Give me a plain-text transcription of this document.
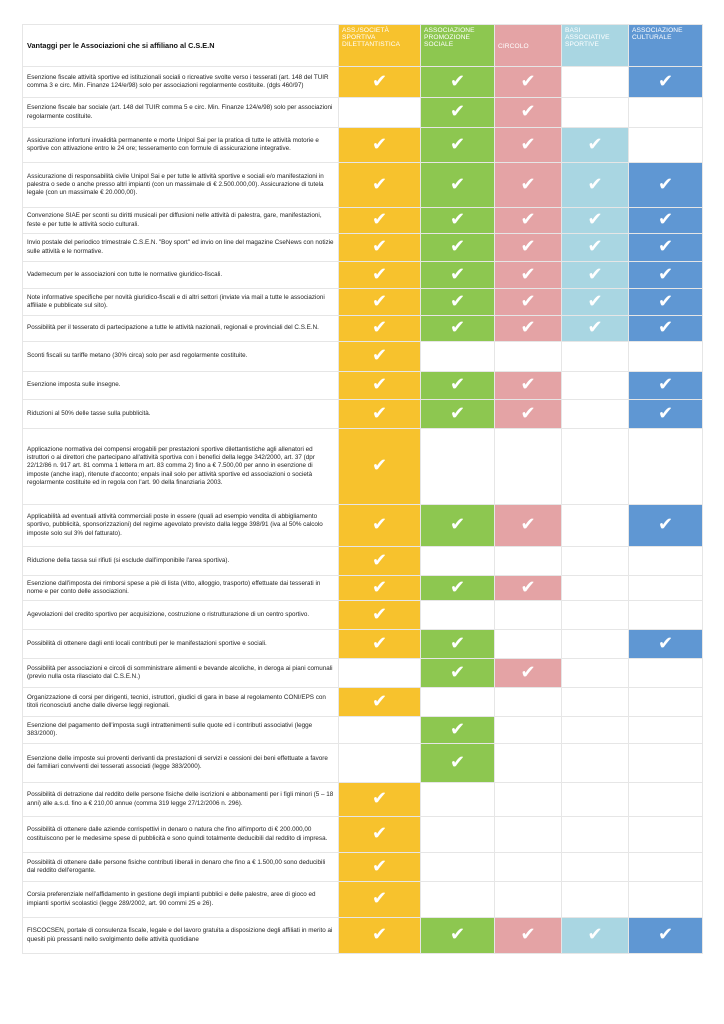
Vantaggi per le Associazioni che si affiliano al C.S.E.N	ASS./SOCIETÀ SPORTIVA DILETTANTISTICA	ASSOCIAZIONE PROMOZIONE SOCIALE	CIRCOLO	BASI ASSOCIATIVE SPORTIVE	ASSOCIAZIONE CULTURALE
Esenzione fiscale attività sportive ed istituzionali sociali o ricreative svolte verso i tesserati (art. 148 del TUIR comma 3 e circ. Min. Finanze 124/e/98) solo per associazioni regolarmente costituite. (dgls 460/97)	✔	✔	✔		✔
Esenzione fiscale bar sociale (art. 148 del TUIR comma 5 e circ. Min. Finanze 124/e/98) solo per associazioni regolarmente costituite.		✔	✔		
Assicurazione infortuni invalidità permanente e morte Unipol Sai per la pratica di tutte le attività motorie e sportive con attivazione entro le 24 ore; tesseramento con formule di assicurazione integrative.	✔	✔	✔	✔	
Assicurazione di responsabilità civile Unipol Sai e per tutte le attività sportive e sociali e/o manifestazioni in palestra o sede o anche presso altri impianti (con un massimale di € 2.500.000,00). Assicurazione di tutela legale (con un massimale € 20.000,00).	✔	✔	✔	✔	✔
Convenzione SIAE per sconti su diritti musicali per diffusioni nelle attività di palestra, gare, manifestazioni, feste e per tutte le attività socio culturali.	✔	✔	✔	✔	✔
Invio postale del periodico trimestrale C.S.E.N. "Boy sport" ed invio on line del magazine CseNews con notizie sulle attività e le normative.	✔	✔	✔	✔	✔
Vademecum per le associazioni con tutte le normative giuridico-fiscali.	✔	✔	✔	✔	✔
Note informative specifiche per novità giuridico-fiscali e di altri settori (inviate via mail a tutte le associazioni affiliate e pubblicate sul sito).	✔	✔	✔	✔	✔
Possibilità per il tesserato di partecipazione a tutte le attività nazionali, regionali e provinciali del C.S.E.N.	✔	✔	✔	✔	✔
Sconti fiscali su tariffe metano (30% circa) solo per asd regolarmente costituite.	✔				
Esenzione imposta sulle insegne.	✔	✔	✔		✔
Riduzioni al 50% delle tasse sulla pubblicità.	✔	✔	✔		✔
Applicazione normativa dei compensi erogabili per prestazioni sportive dilettantistiche agli allenatori ed istruttori o ai direttori che partecipano all'attività sportiva con i benefici della legge 342/2000, art. 37 (dpr 22/12/86 n. 917 art. 81 comma 1 lettera m art. 83 comma 2) fino a € 7.500,00 per anno in esenzione di imposte (anche irap), ritenute d'acconto; enpals inail solo per attività sportive ed associazioni o società regolarmente costituite ed in regola con l'art. 90 della finanziaria 2003.	✔				
Applicabilità ad eventuali attività commerciali poste in essere (quali ad esempio vendita di abbigliamento sportivo, pubblicità, sponsorizzazioni) del regime agevolato previsto dalla legge 398/91 (iva al 50% calcolo imposte solo sul 3% del fatturato).	✔	✔	✔		✔
Riduzione della tassa sui rifiuti (si esclude dall'imponibile l'area sportiva).	✔				
Esenzione dall'imposta dei rimborsi spese a piè di lista (vitto, alloggio, trasporto) effettuate dai tesserati in nome e per conto delle associazioni.	✔	✔	✔		
Agevolazioni del credito sportivo per acquisizione, costruzione o ristrutturazione di un centro sportivo.	✔				
Possibilità di ottenere dagli enti locali contributi per le manifestazioni sportive e sociali.	✔	✔			✔
Possibilità per associazioni e circoli di somministrare alimenti e bevande alcoliche, in deroga ai piani comunali (previo nulla osta rilasciato dal C.S.E.N.)		✔	✔		
Organizzazione di corsi per dirigenti, tecnici, istruttori, giudici di gara in base al regolamento CONI/EPS con titoli riconosciuti anche dalle diverse leggi regionali.	✔				
Esenzione del pagamento dell'imposta sugli intrattenimenti sulle quote ed i contributi associativi (legge 383/2000).		✔			
Esenzione delle imposte sui proventi derivanti da prestazioni di servizi e cessioni dei beni effettuate a favore dei familiari conviventi dei tesserati associati (legge 383/2000).		✔			
Possibilità di detrazione dal reddito delle persone fisiche delle iscrizioni e abbonamenti per i figli minori (5 – 18 anni) alle a.s.d. fino a € 210,00 annue (comma 319 legge 27/12/2006 n. 296).	✔				
Possibilità di ottenere dalle aziende corrispettivi in denaro o natura che fino all'importo di € 200.000,00 costituiscono per le medesime spese di pubblicità e sono quindi totalmente deducibili dal reddito di impresa.	✔				
Possibilità di ottenere dalle persone fisiche contributi liberali in denaro che fino a € 1.500,00 sono deducibili dal reddito dell'erogante.	✔				
Corsia preferenziale nell'affidamento in gestione degli impianti pubblici e delle palestre, aree di gioco ed impianti sportivi scolastici (legge 289/2002, art. 90 commi 25 e 26).	✔				
FISCOCSEN, portale di consulenza fiscale, legale e del lavoro gratuita a disposizione degli affiliati in merito ai quesiti più pressanti nello svolgimento delle attività quotidiane	✔	✔	✔	✔	✔
